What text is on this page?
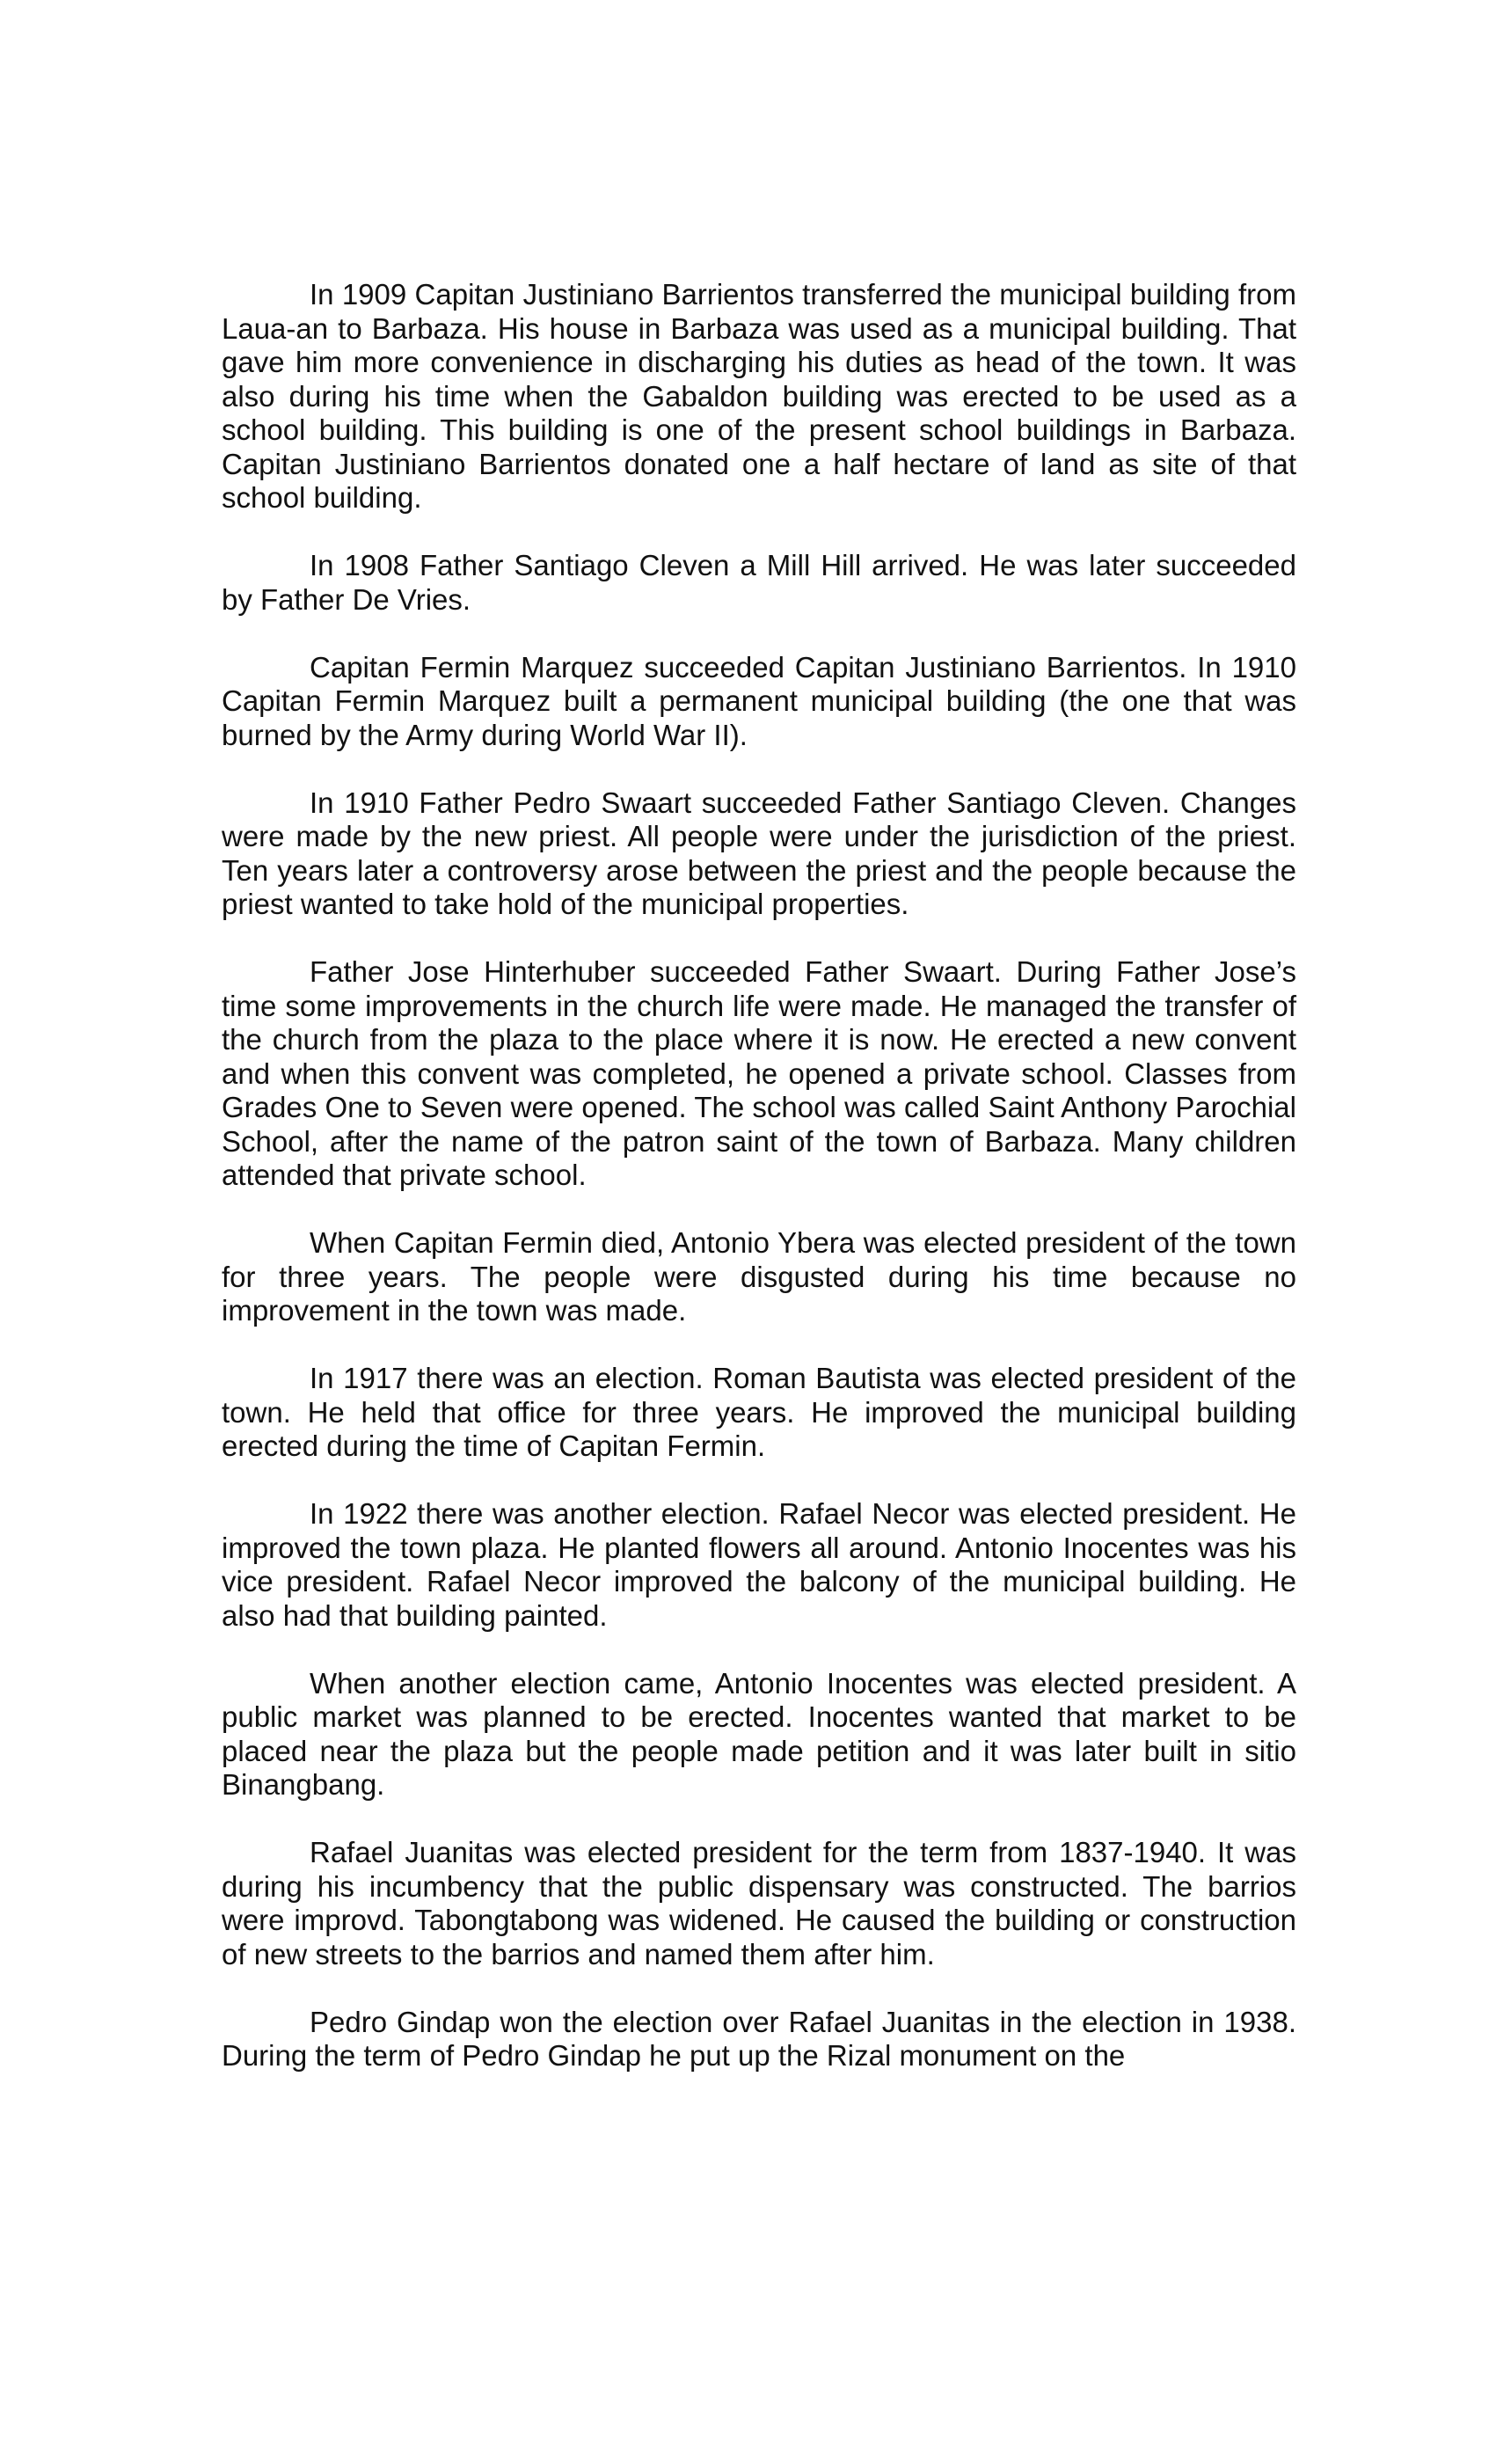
In 1909 Capitan Justiniano Barrientos transferred the municipal building from Laua-an to Barbaza. His house in Barbaza was used as a municipal building. That gave him more convenience in discharging his duties as head of the town. It was also during his time when the Gabaldon building was erected to be used as a school building. This building is one of the present school buildings in Barbaza. Capitan Justiniano Barrientos donated one a half hectare of land as site of that school building.

In 1908 Father Santiago Cleven a Mill Hill arrived. He was later succeeded by Father De Vries.

Capitan Fermin Marquez succeeded Capitan Justiniano Barrientos. In 1910 Capitan Fermin Marquez built a permanent municipal building (the one that was burned by the Army during World War II).

In 1910 Father Pedro Swaart succeeded Father Santiago Cleven. Changes were made by the new priest. All people were under the jurisdiction of the priest. Ten years later a controversy arose between the priest and the people because the priest wanted to take hold of the municipal properties.

Father Jose Hinterhuber succeeded Father Swaart. During Father Jose’s time some improvements in the church life were made. He managed the transfer of the church from the plaza to the place where it is now. He erected a new convent and when this convent was completed, he opened a private school. Classes from Grades One to Seven were opened. The school was called Saint Anthony Parochial School, after the name of the patron saint of the town of Barbaza. Many children attended that private school.

When Capitan Fermin died, Antonio Ybera was elected president of the town for three years. The people were disgusted during his time because no improvement in the town was made.

In 1917 there was an election. Roman Bautista was elected president of the town. He held that office for three years. He improved the municipal building erected during the time of Capitan Fermin.

In 1922 there was another election. Rafael Necor was elected president. He improved the town plaza. He planted flowers all around. Antonio Inocentes was his vice president. Rafael Necor improved the balcony of the municipal building. He also had that building painted.

When another election came, Antonio Inocentes was elected president. A public market was planned to be erected. Inocentes wanted that market to be placed near the plaza but the people made petition and it was later built in sitio Binangbang.

Rafael Juanitas was elected president for the term from 1837-1940. It was during his incumbency that the public dispensary was constructed. The barrios were improvd. Tabongtabong was widened. He caused the building or construction of new streets to the barrios and named them after him.

Pedro Gindap won the election over Rafael Juanitas in the election in 1938. During the term of Pedro Gindap he put up the Rizal monument on the
